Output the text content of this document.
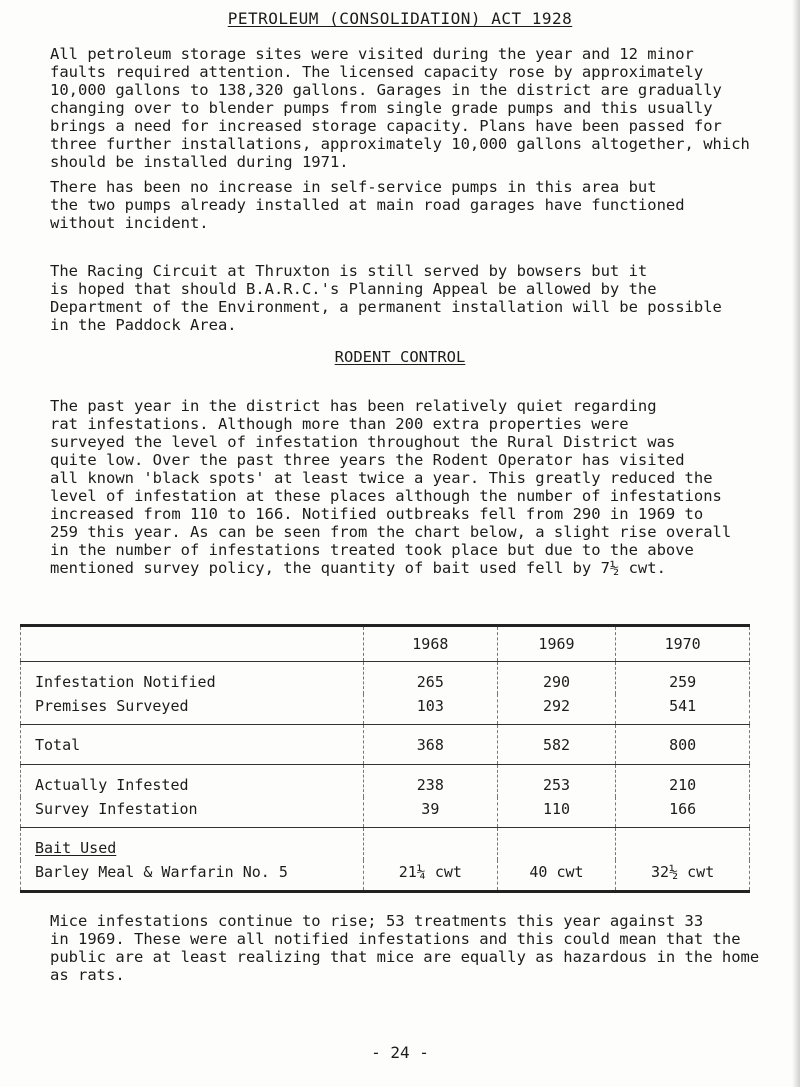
PETROLEUM (CONSOLIDATION) ACT 1928

All petroleum storage sites were visited during the year and 12 minor
faults required attention. The licensed capacity rose by approximately
10,000 gallons to 138,320 gallons. Garages in the district are gradually
changing over to blender pumps from single grade pumps and this usually
brings a need for increased storage capacity. Plans have been passed for
three further installations, approximately 10,000 gallons altogether, which
should be installed during 1971.

There has been no increase in self-service pumps in this area but
the two pumps already installed at main road garages have functioned
without incident.

The Racing Circuit at Thruxton is still served by bowsers but it
is hoped that should B.A.R.C.'s Planning Appeal be allowed by the
Department of the Environment, a permanent installation will be possible
in the Paddock Area.

RODENT CONTROL

The past year in the district has been relatively quiet regarding
rat infestations. Although more than 200 extra properties were
surveyed the level of infestation throughout the Rural District was
quite low. Over the past three years the Rodent Operator has visited
all known 'black spots' at least twice a year. This greatly reduced the
level of infestation at these places although the number of infestations
increased from 110 to 166. Notified outbreaks fell from 290 in 1969 to
259 this year. As can be seen from the chart below, a slight rise overall
in the number of infestations treated took place but due to the above
mentioned survey policy, the quantity of bait used fell by 7½ cwt.

	1968	1969	1970
Infestation Notified	265	290	259
Premises Surveyed	103	292	541
Total	368	582	800
Actually Infested	238	253	210
Survey Infestation	39	110	166
Bait Used			
Barley Meal & Warfarin No. 5	21¼ cwt	40 cwt	32½ cwt

Mice infestations continue to rise; 53 treatments this year against 33
in 1969. These were all notified infestations and this could mean that the
public are at least realizing that mice are equally as hazardous in the home
as rats.

- 24 -
